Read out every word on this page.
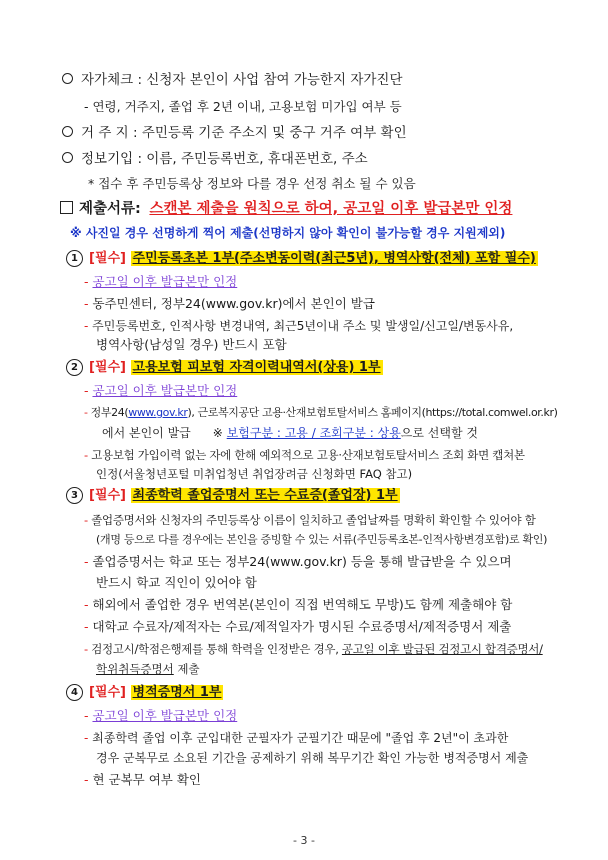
자가체크 : 신청자 본인이 사업 참여 가능한지 자가진단
- 연령, 거주지, 졸업 후 2년 이내, 고용보험 미가입 여부 등
거 주 지 : 주민등록 기준 주소지 및 중구 거주 여부 확인
정보기입 : 이름, 주민등록번호, 휴대폰번호, 주소
* 접수 후 주민등록상 정보와 다를 경우 선정 취소 될 수 있음
제출서류: 스캔본 제출을 원칙으로 하여, 공고일 이후 발급본만 인정
※ 사진일 경우 선명하게 찍어 제출(선명하지 않아 확인이 불가능할 경우 지원제외)
1 [필수] 주민등록초본 1부(주소변동이력(최근5년), 병역사항(전체) 포함 필수)
- 공고일 이후 발급본만 인정
- 동주민센터, 정부24(www.gov.kr)에서 본인이 발급
- 주민등록번호, 인적사항 변경내역, 최근5년이내 주소 및 발생일/신고일/변동사유,
병역사항(남성일 경우) 반드시 포함
2 [필수] 고용보험 피보험 자격이력내역서(상용) 1부
- 공고일 이후 발급본만 인정
- 정부24(www.gov.kr), 근로복지공단 고용·산재보험토탈서비스 홈페이지(https://total.comwel.or.kr)
에서 본인이 발급 ※ 보험구분 : 고용 / 조회구분 : 상용으로 선택할 것
- 고용보험 가입이력 없는 자에 한해 예외적으로 고용·산재보험토탈서비스 조회 화면 캡쳐본
인정(서울청년포털 미취업청년 취업장려금 신청화면 FAQ 참고)
3 [필수] 최종학력 졸업증명서 또는 수료증(졸업장) 1부
- 졸업증명서와 신청자의 주민등록상 이름이 일치하고 졸업날짜를 명확히 확인할 수 있어야 함
(개명 등으로 다를 경우에는 본인을 증빙할 수 있는 서류(주민등록초본-인적사항변경포함)로 확인)
- 졸업증명서는 학교 또는 정부24(www.gov.kr) 등을 통해 발급받을 수 있으며
반드시 학교 직인이 있어야 함
- 해외에서 졸업한 경우 번역본(본인이 직접 번역해도 무방)도 함께 제출해야 함
- 대학교 수료자/제적자는 수료/제적일자가 명시된 수료증명서/제적증명서 제출
- 검정고시/학점은행제를 통해 학력을 인정받은 경우, 공고일 이후 발급된 검정고시 합격증명서/
학위취득증명서 제출
4 [필수] 병적증명서 1부
- 공고일 이후 발급본만 인정
- 최종학력 졸업 이후 군입대한 군필자가 군필기간 때문에 "졸업 후 2년"이 초과한
경우 군복무로 소요된 기간을 공제하기 위해 복무기간 확인 가능한 병적증명서 제출
- 현 군복무 여부 확인
- 3 -
